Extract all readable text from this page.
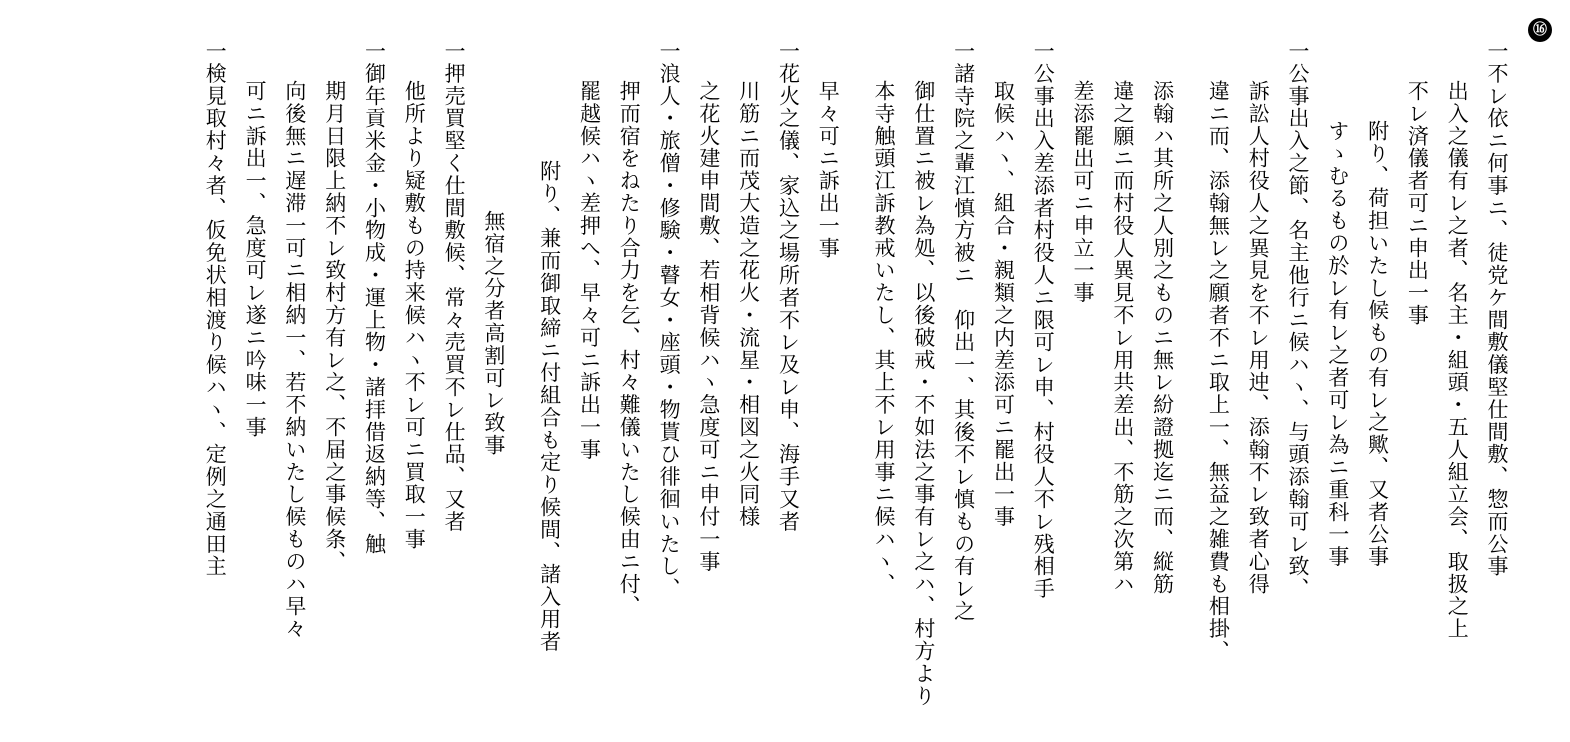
⑯
一不レ依ニ何事ニ、徒党ケ間敷儀堅仕間敷、惣而公事
出入之儀有レ之者、名主・組頭・五人組立会、取扱之上
不レ済儀者可ニ申出一事
附り、荷担いたし候もの有レ之歟、又者公事
すゝむるもの於レ有レ之者可レ為ニ重科一事
一公事出入之節、名主他行ニ候ハヽ、与頭添翰可レ致、
訴訟人村役人之異見を不レ用迚、添翰不レ致者心得
違ニ而、添翰無レ之願者不ニ取上一、無益之雑費も相掛、
添翰ハ其所之人別之ものニ無レ紛證拠迄ニ而、縦筋
違之願ニ而村役人異見不レ用共差出、不筋之次第ハ
差添罷出可ニ申立一事
一公事出入差添者村役人ニ限可レ申、村役人不レ残相手
取候ハヽ、組合・親類之内差添可ニ罷出一事
一諸寺院之輩江慎方被ニ　仰出一、其後不レ慎もの有レ之
御仕置ニ被レ為処、以後破戒・不如法之事有レ之ハ、村方より
本寺触頭江訴教戒いたし、其上不レ用事ニ候ハヽ、
早々可ニ訴出一事
一花火之儀、家込之場所者不レ及レ申、海手又者
川筋ニ而茂大造之花火・流星・相図之火同様
之花火建申間敷、若相背候ハヽ急度可ニ申付一事
一浪人・旅僧・修験・瞽女・座頭・物貰ひ徘徊いたし、
押而宿をねたり合力を乞、村々難儀いたし候由ニ付、
罷越候ハヽ差押へ、早々可ニ訴出一事
附り、兼而御取締ニ付組合も定り候間、諸入用者
無宿之分者高割可レ致事
一押売買堅く仕間敷候、常々売買不レ仕品、又者
他所より疑敷もの持来候ハヽ不レ可ニ買取一事
一御年貢米金・小物成・運上物・諸拝借返納等、触
期月日限上納不レ致村方有レ之、不届之事候条、
向後無ニ遅滞一可ニ相納一、若不納いたし候ものハ早々
可ニ訴出一、急度可レ遂ニ吟味一事
一検見取村々者、仮免状相渡り候ハヽ、定例之通田主
